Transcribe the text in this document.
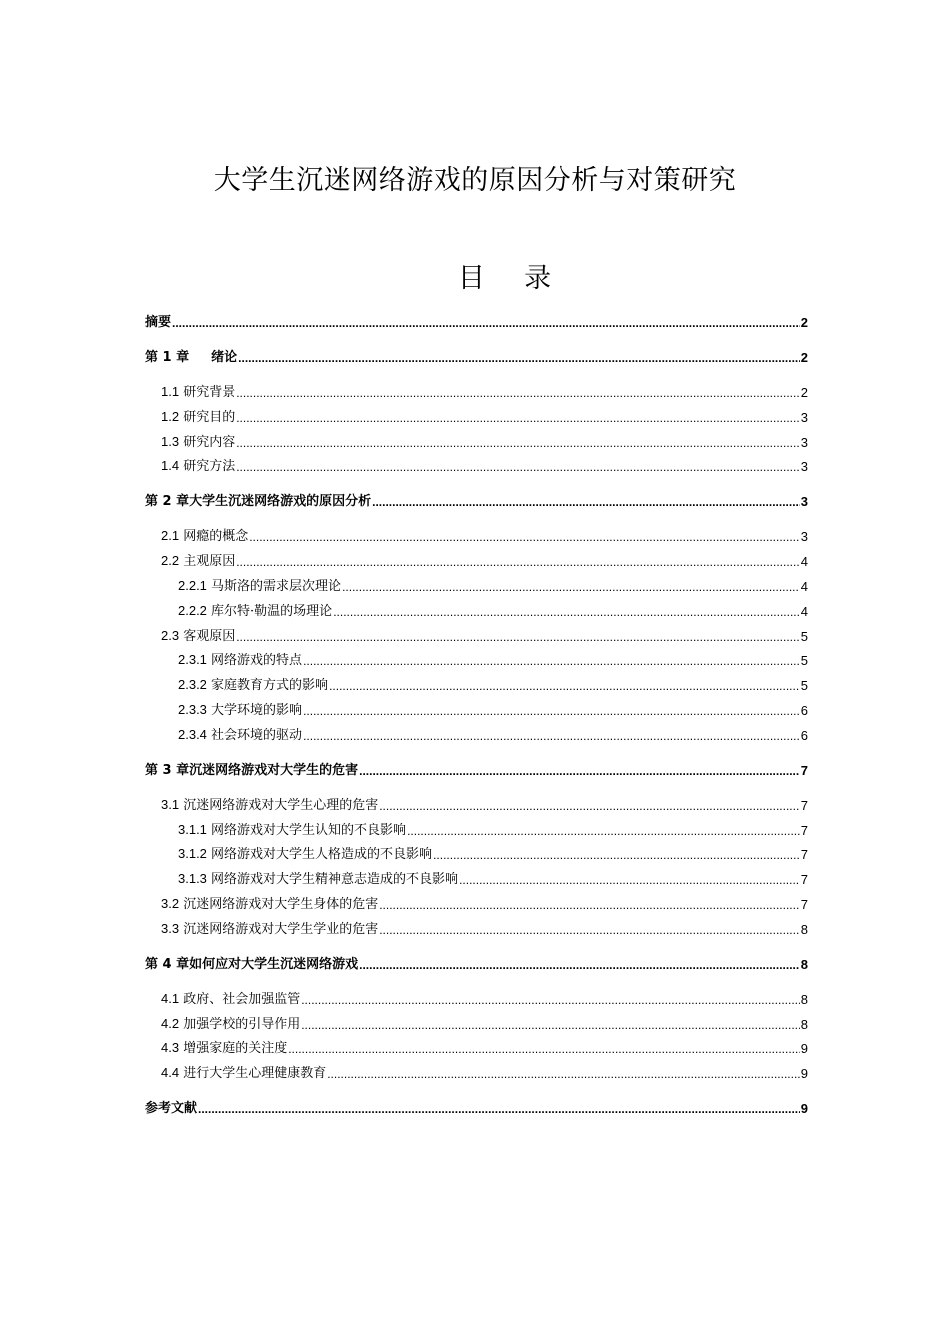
大学生沉迷网络游戏的原因分析与对策研究
目    录
摘要 .....	2
第 1 章　  绪论 .....	2
1.1 研究背景 .....	2
1.2 研究目的 .....	3
1.3 研究内容 .....	3
1.4 研究方法 .....	3
第 2 章大学生沉迷网络游戏的原因分析 .....	3
2.1 网瘾的概念 .....	3
2.2 主观原因 .....	4
2.2.1 马斯洛的需求层次理论 .....	4
2.2.2 库尔特·勒温的场理论 .....	4
2.3 客观原因 .....	5
2.3.1 网络游戏的特点 .....	5
2.3.2 家庭教育方式的影响 .....	5
2.3.3 大学环境的影响 .....	6
2.3.4 社会环境的驱动 .....	6
第 3 章沉迷网络游戏对大学生的危害 .....	7
3.1 沉迷网络游戏对大学生心理的危害 .....	7
3.1.1 网络游戏对大学生认知的不良影响 .....	7
3.1.2 网络游戏对大学生人格造成的不良影响 .....	7
3.1.3 网络游戏对大学生精神意志造成的不良影响 .....	7
3.2 沉迷网络游戏对大学生身体的危害 .....	7
3.3 沉迷网络游戏对大学生学业的危害 .....	8
第 4 章如何应对大学生沉迷网络游戏 .....	8
4.1 政府、社会加强监管 .....	8
4.2 加强学校的引导作用 .....	8
4.3 增强家庭的关注度 .....	9
4.4 进行大学生心理健康教育 .....	9
参考文献 .....	9
